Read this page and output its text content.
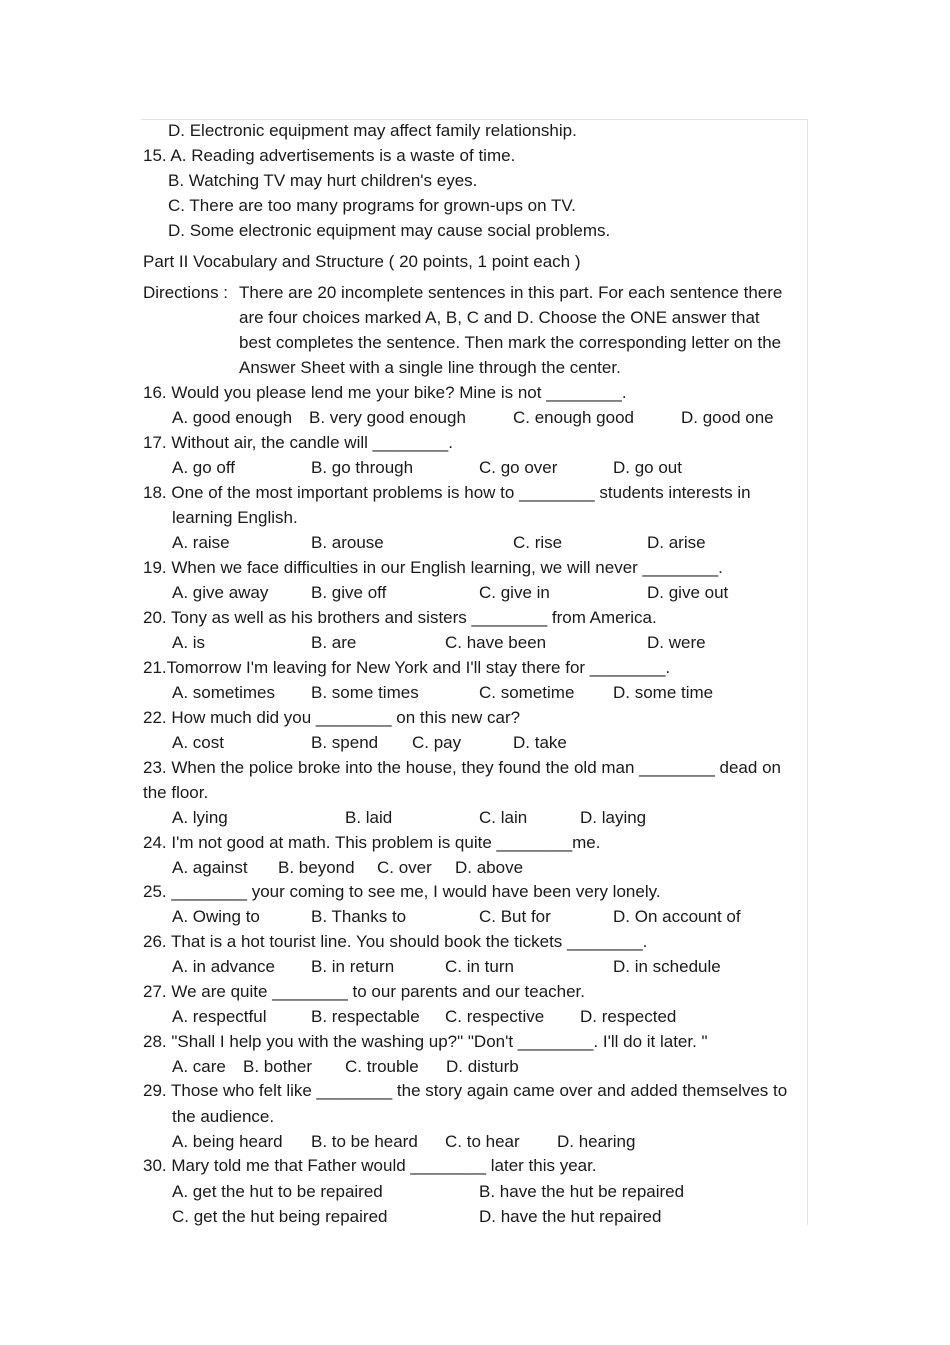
D. Electronic equipment may affect family relationship.
15. A. Reading advertisements is a waste of time.
B. Watching TV may hurt children's eyes.
C. There are too many programs for grown-ups on TV.
D. Some electronic equipment may cause social problems.
Part II Vocabulary and Structure ( 20 points, 1 point each )
Directions : There are 20 incomplete sentences in this part. For each sentence there
are four choices marked A, B, C and D. Choose the ONE answer that
best completes the sentence. Then mark the corresponding letter on the
Answer Sheet with a single line through the center.
16. Would you please lend me your bike? Mine is not ________.
A. good enough B. very good enough	C. enough good	D. good one
17. Without air, the candle will ________.
A. go off	B. go through	C. go over	D. go out
18. One of the most important problems is how to ________ students interests in
learning English.
A. raise	B. arouse	C. rise	D. arise
19. When we face difficulties in our English learning, we will never ________.
A. give away	B. give off	C. give in	D. give out
20. Tony as well as his brothers and sisters ________ from America.
A. is	B. are	C. have been	D. were
21.Tomorrow I'm leaving for New York and I'll stay there for ________.
A. sometimes B. some times	C. sometime D. some time
22. How much did you ________ on this new car?
A. cost	B. spend C. pay	D. take
23. When the police broke into the house, they found the old man ________ dead on
the floor.
A. lying	B. laid	C. lain	D. laying
24. I'm not good at math. This problem is quite ________me.
A. against B. beyond C. over D. above
25. ________ your coming to see me, I would have been very lonely.
A. Owing to	B. Thanks to	C. But for	D. On account of
26. That is a hot tourist line. You should book the tickets ________.
A. in advance B. in return	C. in turn	D. in schedule
27. We are quite ________ to our parents and our teacher.
A. respectful	B. respectable C. respective D. respected
28. "Shall I help you with the washing up?" "Don't ________. I'll do it later. "
A. care B. bother C. trouble D. disturb
29. Those who felt like ________ the story again came over and added themselves to
the audience.
A. being heard B. to be heard C. to hear D. hearing
30. Mary told me that Father would ________ later this year.
A. get the hut to be repaired	B. have the hut be repaired
C. get the hut being repaired	D. have the hut repaired
